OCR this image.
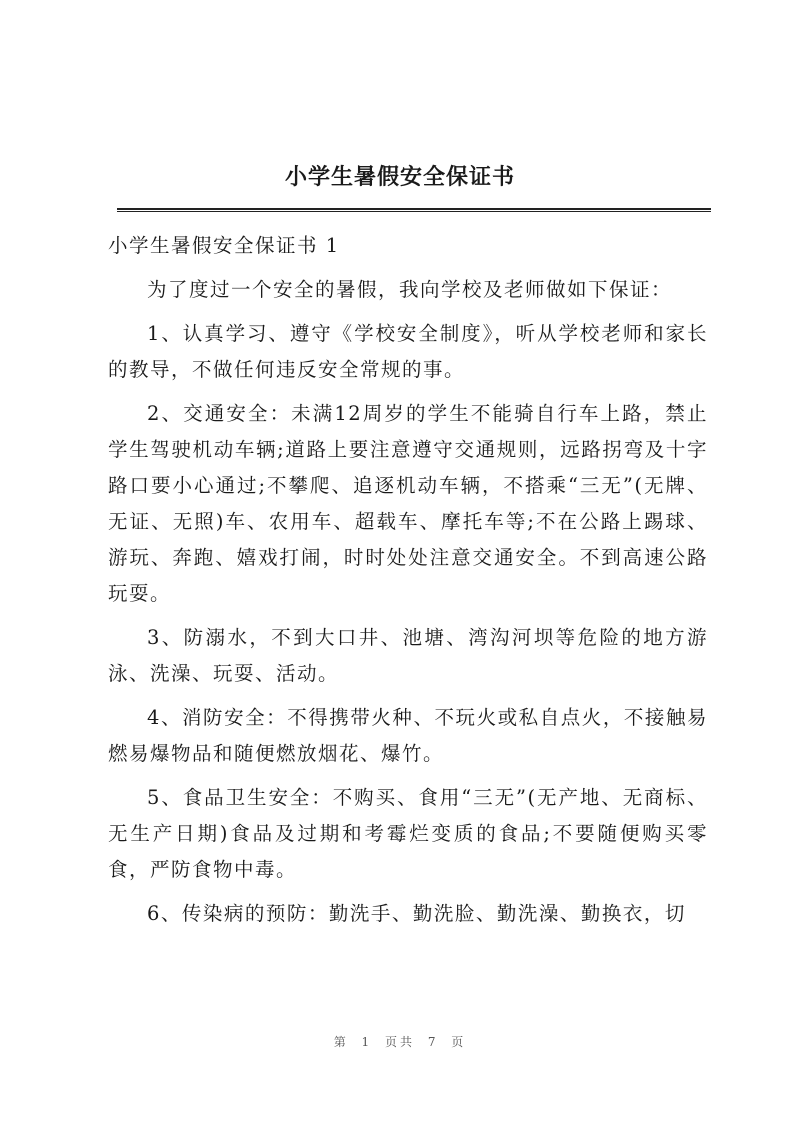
小学生暑假安全保证书

小学生暑假安全保证书 1

为了度过一个安全的暑假，我向学校及老师做如下保证：

1、认真学习、遵守《学校安全制度》，听从学校老师和家长的教导，不做任何违反安全常规的事。

2、交通安全：未满12周岁的学生不能骑自行车上路，禁止学生驾驶机动车辆;道路上要注意遵守交通规则，远路拐弯及十字路口要小心通过;不攀爬、追逐机动车辆，不搭乘“三无”(无牌、无证、无照)车、农用车、超载车、摩托车等;不在公路上踢球、游玩、奔跑、嬉戏打闹，时时处处注意交通安全。不到高速公路玩耍。

3、防溺水，不到大口井、池塘、湾沟河坝等危险的地方游泳、洗澡、玩耍、活动。

4、消防安全：不得携带火种、不玩火或私自点火，不接触易燃易爆物品和随便燃放烟花、爆竹。

5、食品卫生安全：不购买、食用“三无”(无产地、无商标、无生产日期)食品及过期和考霉烂变质的食品;不要随便购买零食，严防食物中毒。

6、传染病的预防：勤洗手、勤洗脸、勤洗澡、勤换衣，切

第 1 页共 7 页
